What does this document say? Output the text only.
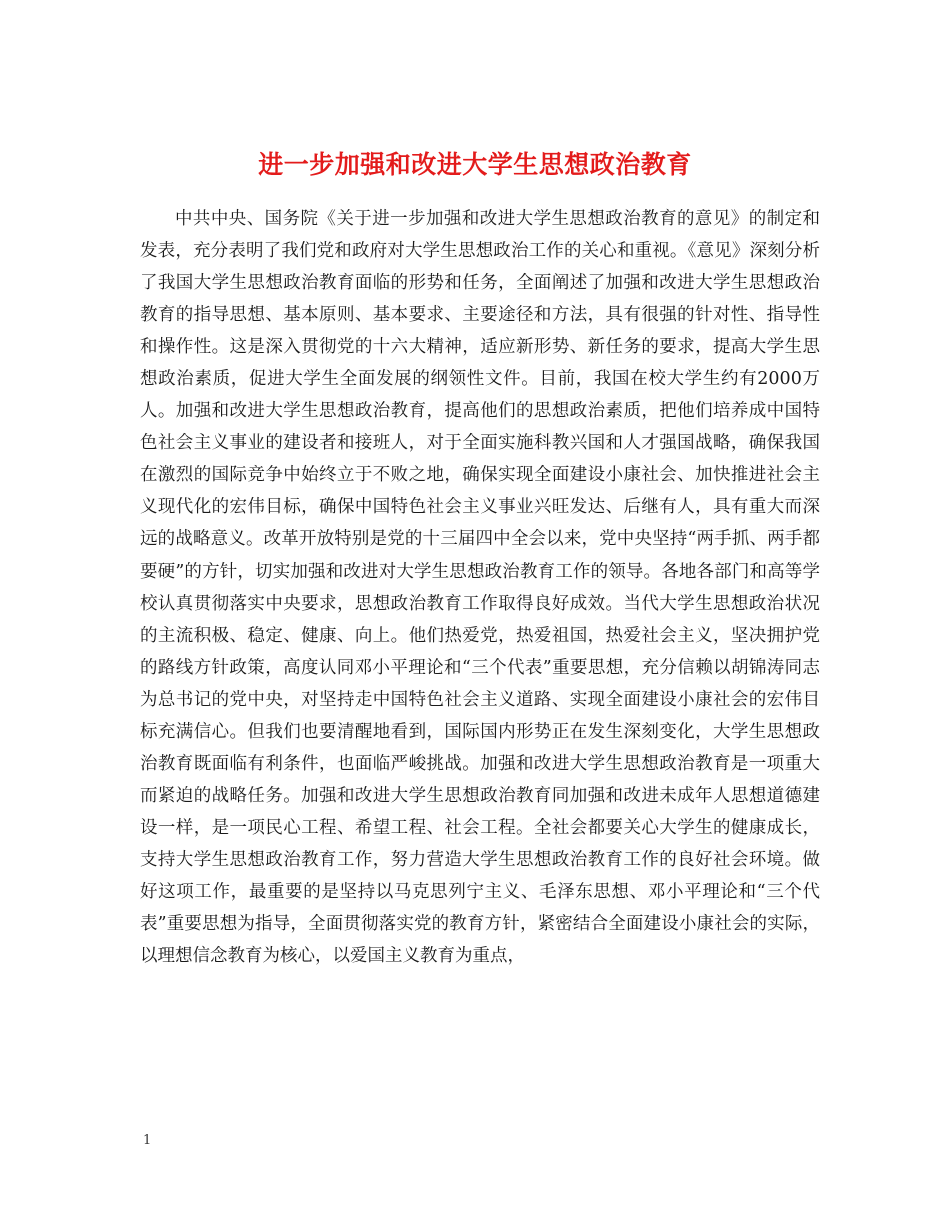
进一步加强和改进大学生思想政治教育

中共中央、国务院《关于进一步加强和改进大学生思想政治教育的意见》的制定和发表，充分表明了我们党和政府对大学生思想政治工作的关心和重视。《意见》深刻分析了我国大学生思想政治教育面临的形势和任务，全面阐述了加强和改进大学生思想政治教育的指导思想、基本原则、基本要求、主要途径和方法，具有很强的针对性、指导性和操作性。这是深入贯彻党的十六大精神，适应新形势、新任务的要求，提高大学生思想政治素质，促进大学生全面发展的纲领性文件。目前，我国在校大学生约有2000万人。加强和改进大学生思想政治教育，提高他们的思想政治素质，把他们培养成中国特色社会主义事业的建设者和接班人，对于全面实施科教兴国和人才强国战略，确保我国在激烈的国际竞争中始终立于不败之地，确保实现全面建设小康社会、加快推进社会主义现代化的宏伟目标，确保中国特色社会主义事业兴旺发达、后继有人，具有重大而深远的战略意义。改革开放特别是党的十三届四中全会以来，党中央坚持“两手抓、两手都要硬”的方针，切实加强和改进对大学生思想政治教育工作的领导。各地各部门和高等学校认真贯彻落实中央要求，思想政治教育工作取得良好成效。当代大学生思想政治状况的主流积极、稳定、健康、向上。他们热爱党，热爱祖国，热爱社会主义，坚决拥护党的路线方针政策，高度认同邓小平理论和“三个代表”重要思想，充分信赖以胡锦涛同志为总书记的党中央，对坚持走中国特色社会主义道路、实现全面建设小康社会的宏伟目标充满信心。但我们也要清醒地看到，国际国内形势正在发生深刻变化，大学生思想政治教育既面临有利条件，也面临严峻挑战。加强和改进大学生思想政治教育是一项重大而紧迫的战略任务。加强和改进大学生思想政治教育同加强和改进未成年人思想道德建设一样，是一项民心工程、希望工程、社会工程。全社会都要关心大学生的健康成长，支持大学生思想政治教育工作，努力营造大学生思想政治教育工作的良好社会环境。做好这项工作，最重要的是坚持以马克思列宁主义、毛泽东思想、邓小平理论和“三个代表”重要思想为指导，全面贯彻落实党的教育方针，紧密结合全面建设小康社会的实际，以理想信念教育为核心，以爱国主义教育为重点，

1
